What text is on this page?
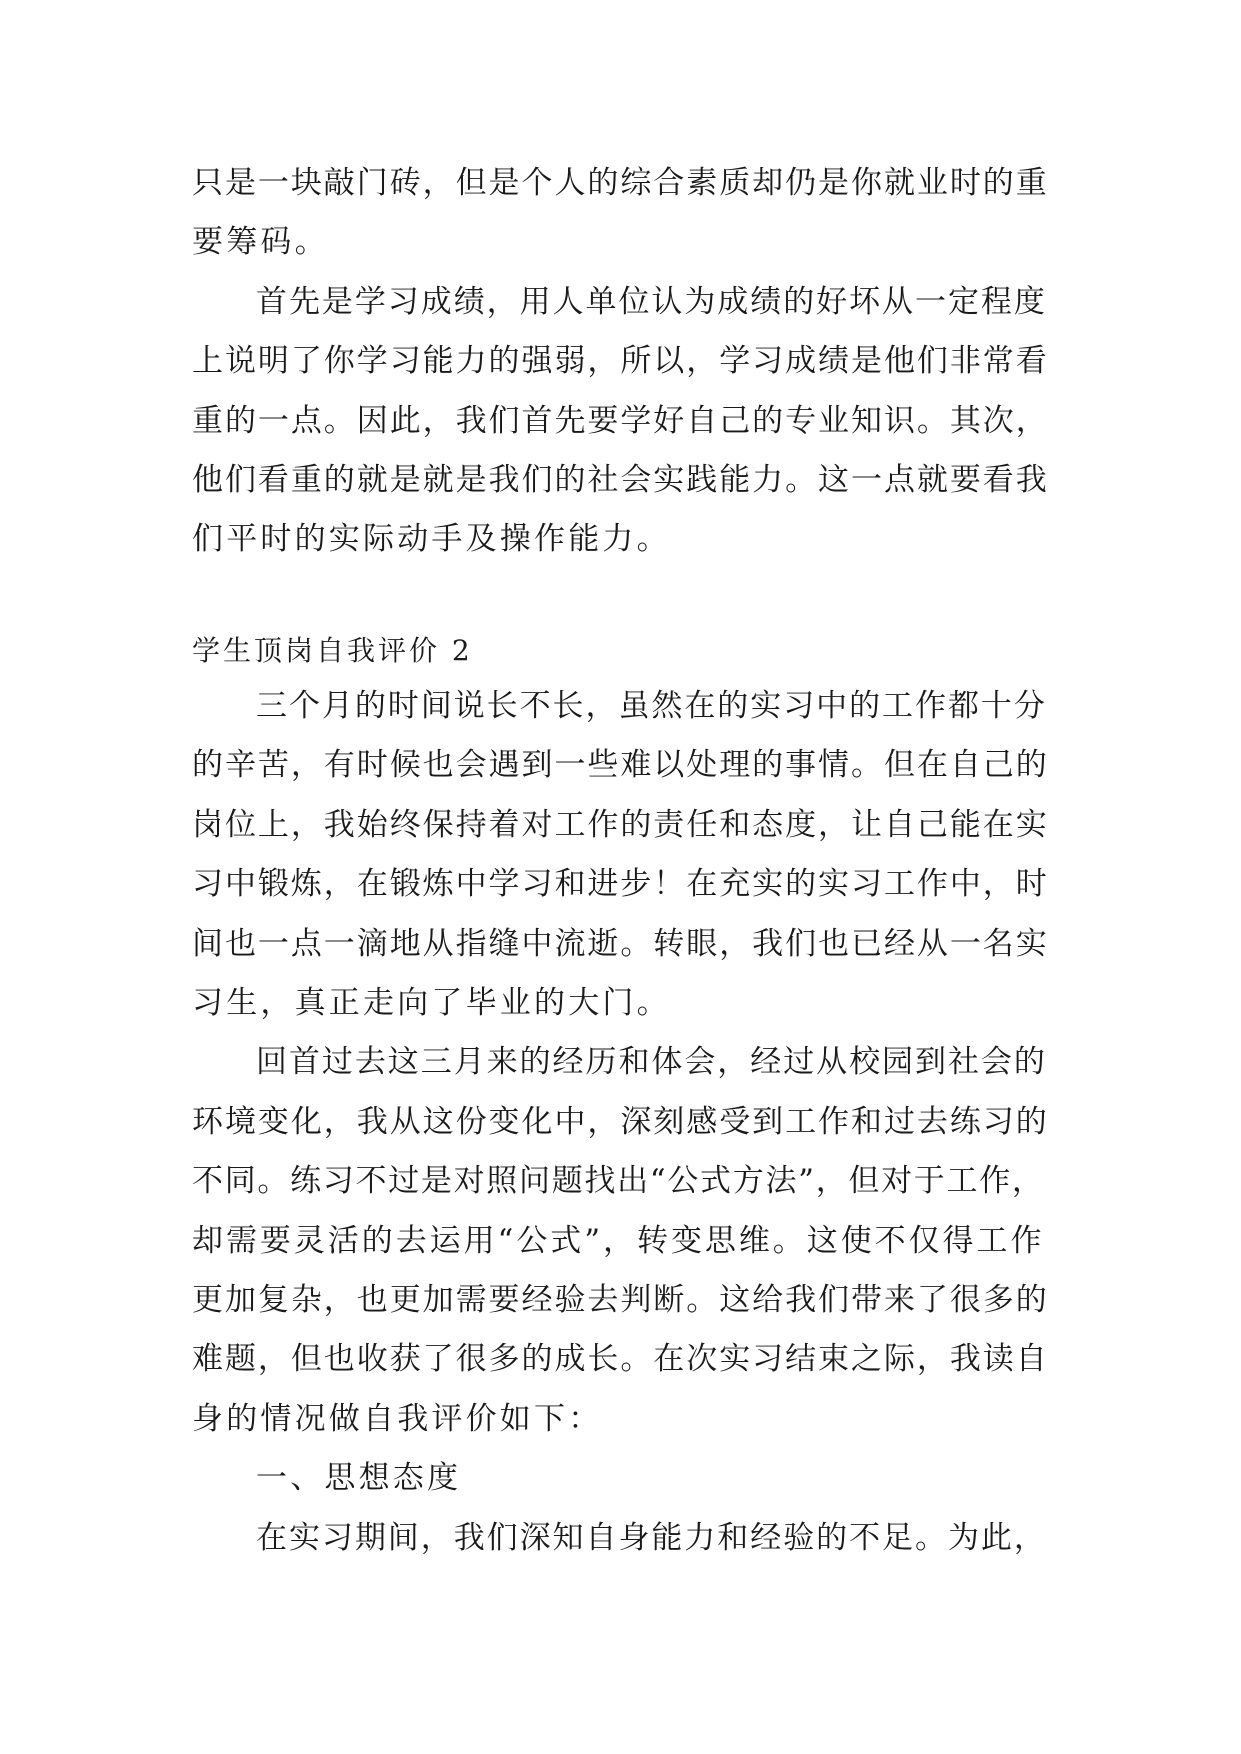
只是一块敲门砖，但是个人的综合素质却仍是你就业时的重
要筹码。
首先是学习成绩，用人单位认为成绩的好坏从一定程度
上说明了你学习能力的强弱，所以，学习成绩是他们非常看
重的一点。因此，我们首先要学好自己的专业知识。其次，
他们看重的就是就是我们的社会实践能力。这一点就要看我
们平时的实际动手及操作能力。
学生顶岗自我评价 2
三个月的时间说长不长，虽然在的实习中的工作都十分
的辛苦，有时候也会遇到一些难以处理的事情。但在自己的
岗位上，我始终保持着对工作的责任和态度，让自己能在实
习中锻炼，在锻炼中学习和进步！在充实的实习工作中，时
间也一点一滴地从指缝中流逝。转眼，我们也已经从一名实
习生，真正走向了毕业的大门。
回首过去这三月来的经历和体会，经过从校园到社会的
环境变化，我从这份变化中，深刻感受到工作和过去练习的
不同。练习不过是对照问题找出“公式方法”，但对于工作，
却需要灵活的去运用“公式”，转变思维。这使不仅得工作
更加复杂，也更加需要经验去判断。这给我们带来了很多的
难题，但也收获了很多的成长。在次实习结束之际，我读自
身的情况做自我评价如下：
一、思想态度
在实习期间，我们深知自身能力和经验的不足。为此，
